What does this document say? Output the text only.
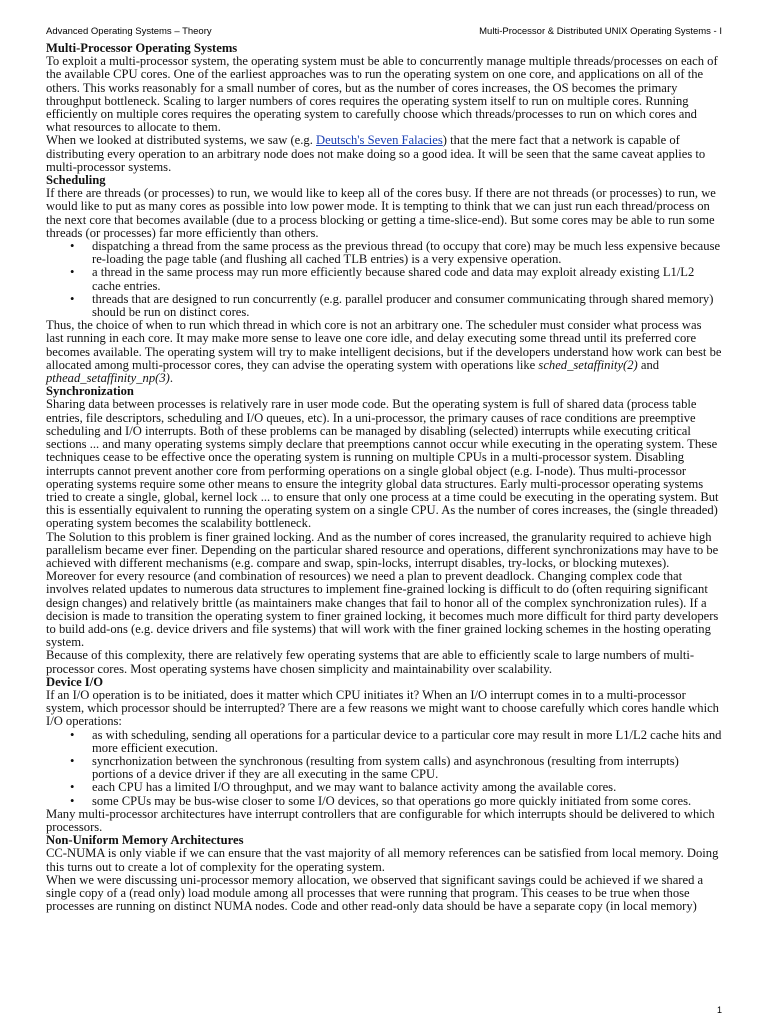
Advanced Operating Systems – Theory	Multi-Processor & Distributed UNIX Operating Systems - I
Multi-Processor Operating Systems

To exploit a multi-processor system, the operating system must be able to concurrently manage multiple threads/processes on each of the available CPU cores. One of the earliest approaches was to run the operating system on one core, and applications on all of the others. This works reasonably for a small number of cores, but as the number of cores increases, the OS becomes the primary throughput bottleneck. Scaling to larger numbers of cores requires the operating system itself to run on multiple cores. Running efficiently on multiple cores requires the operating system to carefully choose which threads/processes to run on which cores and what resources to allocate to them.

When we looked at distributed systems, we saw (e.g. Deutsch's Seven Falacies) that the mere fact that a network is capable of distributing every operation to an arbitrary node does not make doing so a good idea. It will be seen that the same caveat applies to multi-processor systems.

Scheduling

If there are threads (or processes) to run, we would like to keep all of the cores busy. If there are not threads (or processes) to run, we would like to put as many cores as possible into low power mode. It is tempting to think that we can just run each thread/process on the next core that becomes available (due to a process blocking or getting a time-slice-end). But some cores may be able to run some threads (or processes) far more efficiently than others.

• dispatching a thread from the same process as the previous thread (to occupy that core) may be much less expensive because re-loading the page table (and flushing all cached TLB entries) is a very expensive operation.
• a thread in the same process may run more efficiently because shared code and data may exploit already existing L1/L2 cache entries.
• threads that are designed to run concurrently (e.g. parallel producer and consumer communicating through shared memory) should be run on distinct cores.

Thus, the choice of when to run which thread in which core is not an arbitrary one. The scheduler must consider what process was last running in each core. It may make more sense to leave one core idle, and delay executing some thread until its preferred core becomes available. The operating system will try to make intelligent decisions, but if the developers understand how work can best be allocated among multi-processor cores, they can advise the operating system with operations like sched_setaffinity(2) and pthead_setaffinity_np(3).

Synchronization

Sharing data between processes is relatively rare in user mode code. But the operating system is full of shared data (process table entries, file descriptors, scheduling and I/O queues, etc). In a uni-processor, the primary causes of race conditions are preemptive scheduling and I/O interrupts. Both of these problems can be managed by disabling (selected) interrupts while executing critical sections ... and many operating systems simply declare that preemptions cannot occur while executing in the operating system. These techniques cease to be effective once the operating system is running on multiple CPUs in a multi-processor system. Disabling interrupts cannot prevent another core from performing operations on a single global object (e.g. I-node). Thus multi-processor operating systems require some other means to ensure the integrity global data structures. Early multi-processor operating systems tried to create a single, global, kernel lock ... to ensure that only one process at a time could be executing in the operating system. But this is essentially equivalent to running the operating system on a single CPU. As the number of cores increases, the (single threaded) operating system becomes the scalability bottleneck.

The Solution to this problem is finer grained locking. And as the number of cores increased, the granularity required to achieve high parallelism became ever finer. Depending on the particular shared resource and operations, different synchronizations may have to be achieved with different mechanisms (e.g. compare and swap, spin-locks, interrupt disables, try-locks, or blocking mutexes). Moreover for every resource (and combination of resources) we need a plan to prevent deadlock. Changing complex code that involves related updates to numerous data structures to implement fine-grained locking is difficult to do (often requiring significant design changes) and relatively brittle (as maintainers make changes that fail to honor all of the complex synchronization rules). If a decision is made to transition the operating system to finer grained locking, it becomes much more difficult for third party developers to build add-ons (e.g. device drivers and file systems) that will work with the finer grained locking schemes in the hosting operating system.

Because of this complexity, there are relatively few operating systems that are able to efficiently scale to large numbers of multi-processor cores. Most operating systems have chosen simplicity and maintainability over scalability.

Device I/O

If an I/O operation is to be initiated, does it matter which CPU initiates it? When an I/O interrupt comes in to a multi-processor system, which processor should be interrupted? There are a few reasons we might want to choose carefully which cores handle which I/O operations:

• as with scheduling, sending all operations for a particular device to a particular core may result in more L1/L2 cache hits and more efficient execution.
• syncrhonization between the synchronous (resulting from system calls) and asynchronous (resulting from interrupts) portions of a device driver if they are all executing in the same CPU.
• each CPU has a limited I/O throughput, and we may want to balance activity among the available cores.
• some CPUs may be bus-wise closer to some I/O devices, so that operations go more quickly initiated from some cores.

Many multi-processor architectures have interrupt controllers that are configurable for which interrupts should be delivered to which processors.

Non-Uniform Memory Architectures

CC-NUMA is only viable if we can ensure that the vast majority of all memory references can be satisfied from local memory. Doing this turns out to create a lot of complexity for the operating system.

When we were discussing uni-processor memory allocation, we observed that significant savings could be achieved if we shared a single copy of a (read only) load module among all processes that were running that program. This ceases to be true when those processes are running on distinct NUMA nodes. Code and other read-only data should be have a separate copy (in local memory)

1
